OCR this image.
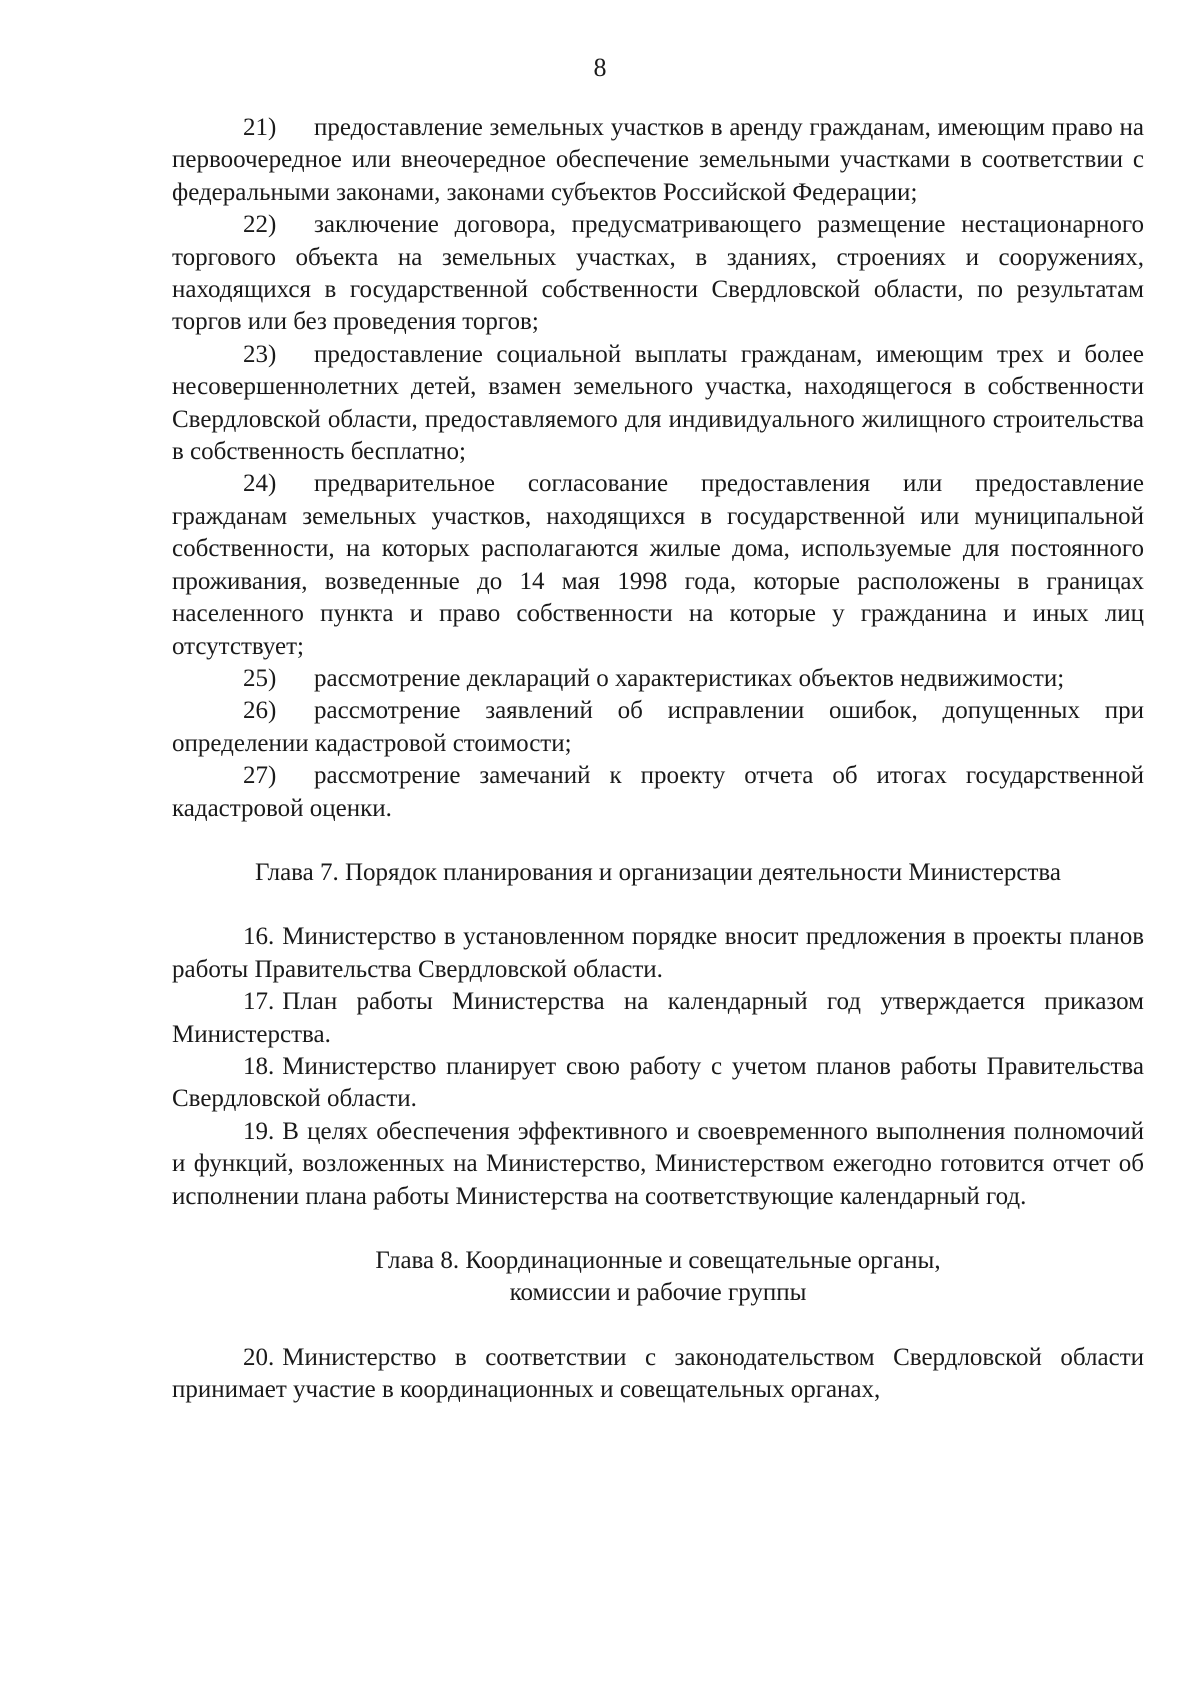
8

21) предоставление земельных участков в аренду гражданам, имеющим право на первоочередное или внеочередное обеспечение земельными участками в соответствии с федеральными законами, законами субъектов Российской Федерации;

22) заключение договора, предусматривающего размещение нестационарного торгового объекта на земельных участках, в зданиях, строениях и сооружениях, находящихся в государственной собственности Свердловской области, по результатам торгов или без проведения торгов;

23) предоставление социальной выплаты гражданам, имеющим трех и более несовершеннолетних детей, взамен земельного участка, находящегося в собственности Свердловской области, предоставляемого для индивидуального жилищного строительства в собственность бесплатно;

24) предварительное согласование предоставления или предоставление гражданам земельных участков, находящихся в государственной или муниципальной собственности, на которых располагаются жилые дома, используемые для постоянного проживания, возведенные до 14 мая 1998 года, которые расположены в границах населенного пункта и право собственности на которые у гражданина и иных лиц отсутствует;

25) рассмотрение деклараций о характеристиках объектов недвижимости;

26) рассмотрение заявлений об исправлении ошибок, допущенных при определении кадастровой стоимости;

27) рассмотрение замечаний к проекту отчета об итогах государственной кадастровой оценки.

Глава 7. Порядок планирования и организации деятельности Министерства

16. Министерство в установленном порядке вносит предложения в проекты планов работы Правительства Свердловской области.

17. План работы Министерства на календарный год утверждается приказом Министерства.

18. Министерство планирует свою работу с учетом планов работы Правительства Свердловской области.

19. В целях обеспечения эффективного и своевременного выполнения полномочий и функций, возложенных на Министерство, Министерством ежегодно готовится отчет об исполнении плана работы Министерства на соответствующие календарный год.

Глава 8. Координационные и совещательные органы,

комиссии и рабочие группы

20. Министерство в соответствии с законодательством Свердловской области принимает участие в координационных и совещательных органах,
